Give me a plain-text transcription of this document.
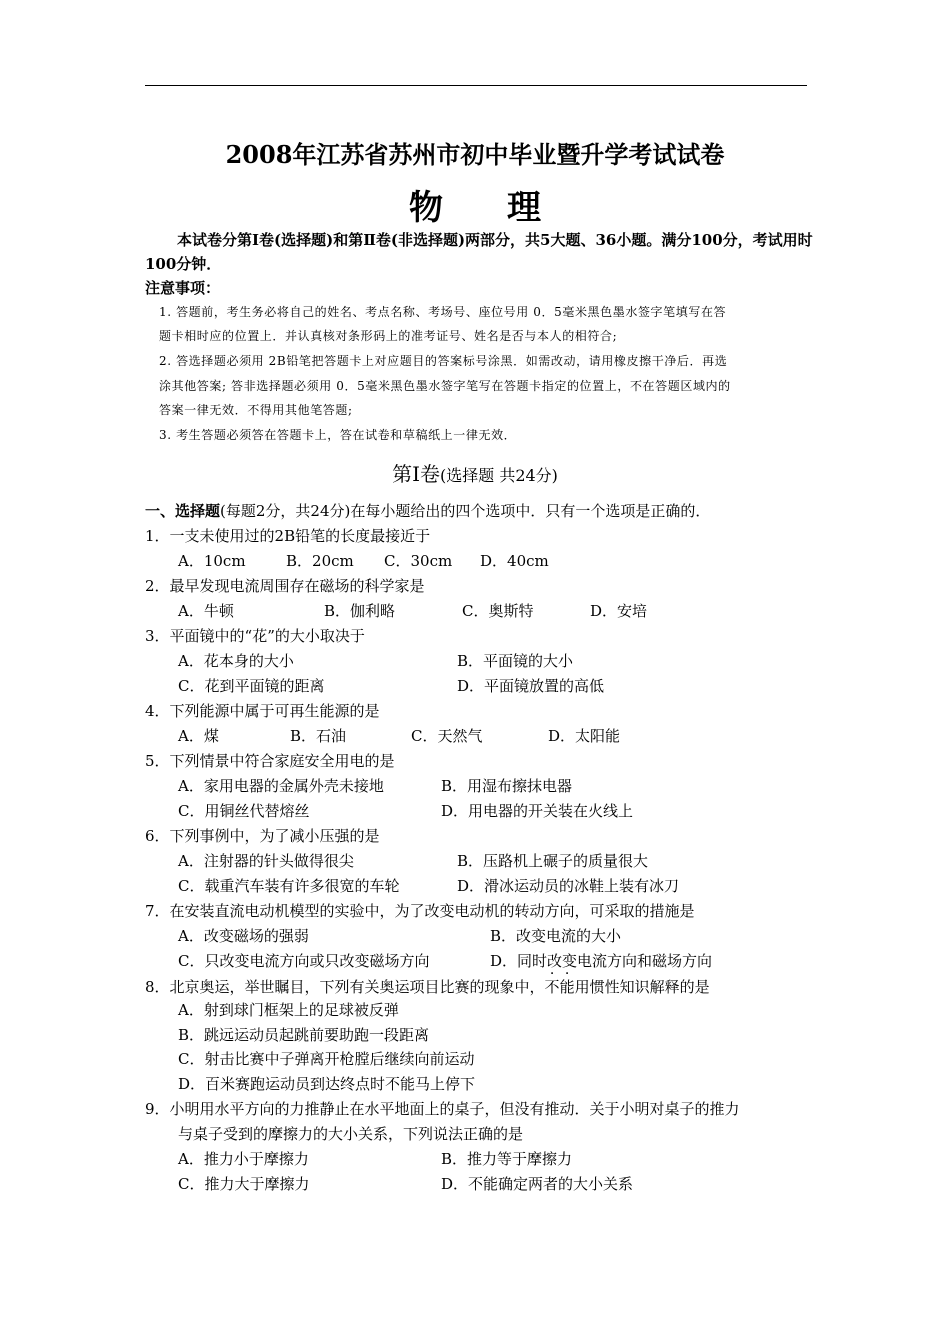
2008年江苏省苏州市初中毕业暨升学考试试卷
物 理
本试卷分第Ⅰ卷(选择题)和第Ⅱ卷(非选择题)两部分，共5大题、36小题。满分100分，考试用时100分钟．
注意事项：
1. 答题前，考生务必将自己的姓名、考点名称、考场号、座位号用 0．5毫米黑色墨水签字笔填写在答
题卡相时应的位置上．并认真核对条形码上的准考证号、姓名是否与本人的相符合;
2. 答选择题必须用 2B铅笔把答题卡上对应题目的答案标号涂黑．如需改动，请用橡皮擦干净后．再选
涂其他答案; 答非选择题必须用 0．5毫米黑色墨水签字笔写在答题卡指定的位置上，不在答题区域内的
答案一律无效．不得用其他笔答题;
3. 考生答题必须答在答题卡上，答在试卷和草稿纸上一律无效．
第Ⅰ卷(选择题 共24分)
一、选择题(每题2分，共24分)在每小题给出的四个选项中．只有一个选项是正确的．
1．一支未使用过的2B铅笔的长度最接近于
A．10cm	B．20cm C．30cm D．40cm
2．最早发现电流周围存在磁场的科学家是
A．牛顿	B．伽利略	C．奥斯特	D．安培
3．平面镜中的“花”的大小取决于
A．花本身的大小	B．平面镜的大小
C．花到平面镜的距离	D．平面镜放置的高低
4．下列能源中属于可再生能源的是
A．煤	B．石油	C．天然气	D．太阳能
5．下列情景中符合家庭安全用电的是
A．家用电器的金属外壳未接地	B．用湿布擦抹电器
C．用铜丝代替熔丝	D．用电器的开关装在火线上
6．下列事例中，为了减小压强的是
A．注射器的针头做得很尖	B．压路机上碾子的质量很大
C．载重汽车装有许多很宽的车轮	D．滑冰运动员的冰鞋上装有冰刀
7．在安装直流电动机模型的实验中，为了改变电动机的转动方向，可采取的措施是
A．改变磁场的强弱	B．改变电流的大小
C．只改变电流方向或只改变磁场方向	D．同时改变电流方向和磁场方向
8．北京奥运，举世瞩目，下列有关奥运项目比赛的现象中，不能用惯性知识解释的是
A．射到球门框架上的足球被反弹
B．跳远运动员起跳前要助跑一段距离
C．射击比赛中子弹离开枪膛后继续向前运动
D．百米赛跑运动员到达终点时不能马上停下
9．小明用水平方向的力推静止在水平地面上的桌子，但没有推动．关于小明对桌子的推力
与桌子受到的摩擦力的大小关系，下列说法正确的是
A．推力小于摩擦力	B．推力等于摩擦力
C．推力大于摩擦力	D．不能确定两者的大小关系
